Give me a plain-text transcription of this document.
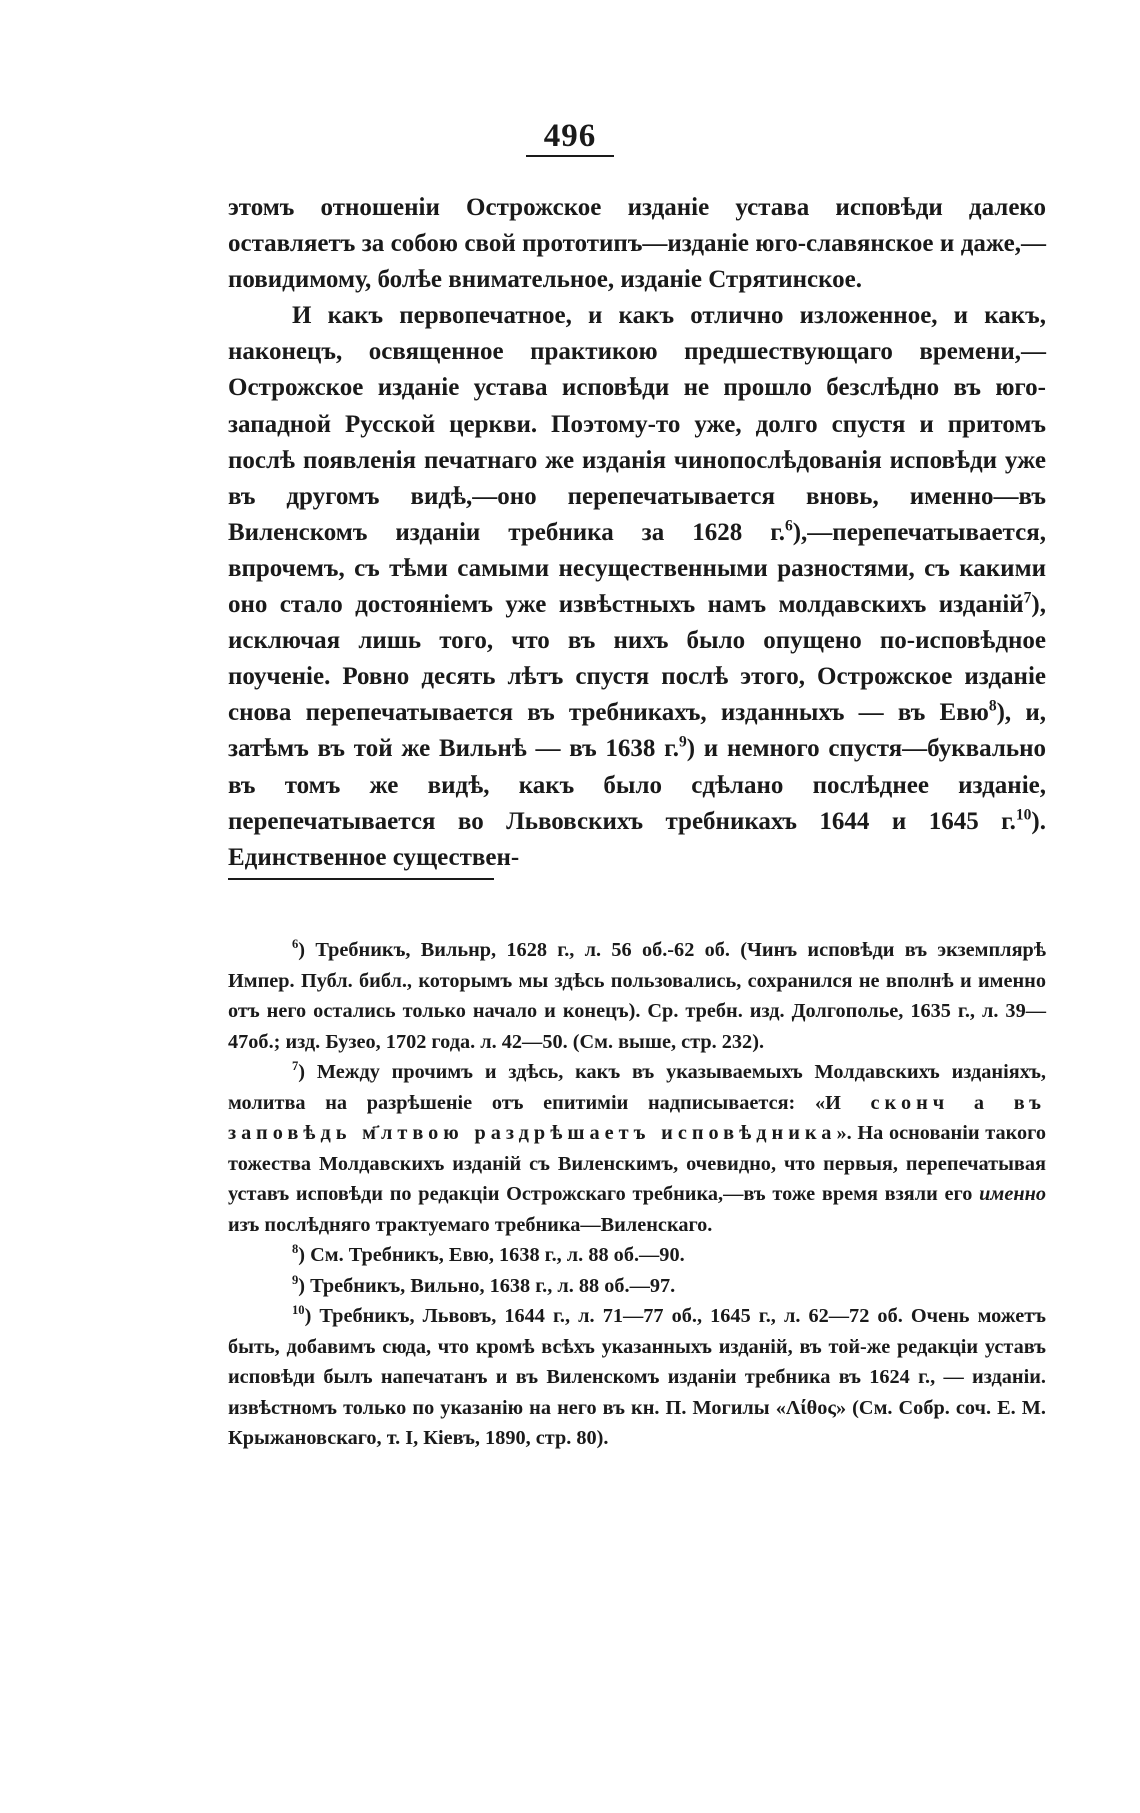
496

этомъ отношеніи Острожское изданіе устава исповѣди далеко оставляетъ за собою свой прототипъ—изданіе юго-славянское и даже,—повидимому, болѣе внимательное, изданіе Стрятинское.

И какъ первопечатное, и какъ отлично изложенное, и какъ, наконецъ, освященное практикою предшествующаго времени,—Острожское изданіе устава исповѣди не прошло безслѣдно въ юго-западной Русской церкви. Поэтому-то уже, долго спустя и притомъ послѣ появленія печатнаго же изданія чинопослѣдованія исповѣди уже въ другомъ видѣ,—оно перепечатывается вновь, именно—въ Виленскомъ изданіи требника за 1628 г.$^6$),—перепечатывается, впрочемъ, съ тѣми самыми несущественными разностями, съ какими оно стало достояніемъ уже извѣстныхъ намъ молдавскихъ изданій$^7$), исключая лишь того, что въ нихъ было опущено по-исповѣдное поученіе. Ровно десять лѣтъ спустя послѣ этого, Острожское изданіе снова перепечатывается въ требникахъ, изданныхъ — въ Евю$^8$), и, затѣмъ въ той же Вильнѣ — въ 1638 г.$^9$) и немного спустя—буквально въ томъ же видѣ, какъ было сдѣлано послѣднее изданіе, перепечатывается во Львовскихъ требникахъ 1644 и 1645 г.$^{10}$). Единственное существен-

$^6$) Требникъ, Вильнр, 1628 г., л. 56 об.-62 об. (Чинъ исповѣди въ экземплярѣ Импер. Публ. библ., которымъ мы здѣсь пользовались, сохранился не вполнѣ и именно отъ него остались только начало и конецъ). Ср. требн. изд. Долгополье, 1635 г., л. 39—47об.; изд. Бузео, 1702 года. л. 42—50. (См. выше, стр. 232).

$^7$) Между прочимъ и здѣсь, какъ въ указываемыхъ Молдавскихъ изданіяхъ, молитва на разрѣшеніе отъ епитиміи надписывается: «И сконч а въ заповѣдь м҃лтвою раздрѣшаетъ исповѣдника». На основаніи такого тожества Молдавскихъ изданій съ Виленскимъ, очевидно, что первыя, перепечатывая уставъ исповѣди по редакціи Острожскаго требника,—въ тоже время взяли его именно изъ послѣдняго трактуемаго требника—Виленскаго.

$^8$) См. Требникъ, Евю, 1638 г., л. 88 об.—90.

$^9$) Требникъ, Вильно, 1638 г., л. 88 об.—97.

$^{10}$) Требникъ, Львовъ, 1644 г., л. 71—77 об., 1645 г., л. 62—72 об. Очень можетъ быть, добавимъ сюда, что кромѣ всѣхъ указанныхъ изданій, въ той-же редакціи уставъ исповѣди былъ напечатанъ и въ Виленскомъ изданіи требника въ 1624 г., — изданіи. извѣстномъ только по указанію на него въ кн. П. Могилы «Λίθος» (См. Собр. соч. Е. М. Крыжановскаго, т. I, Кіевъ, 1890, стр. 80).
